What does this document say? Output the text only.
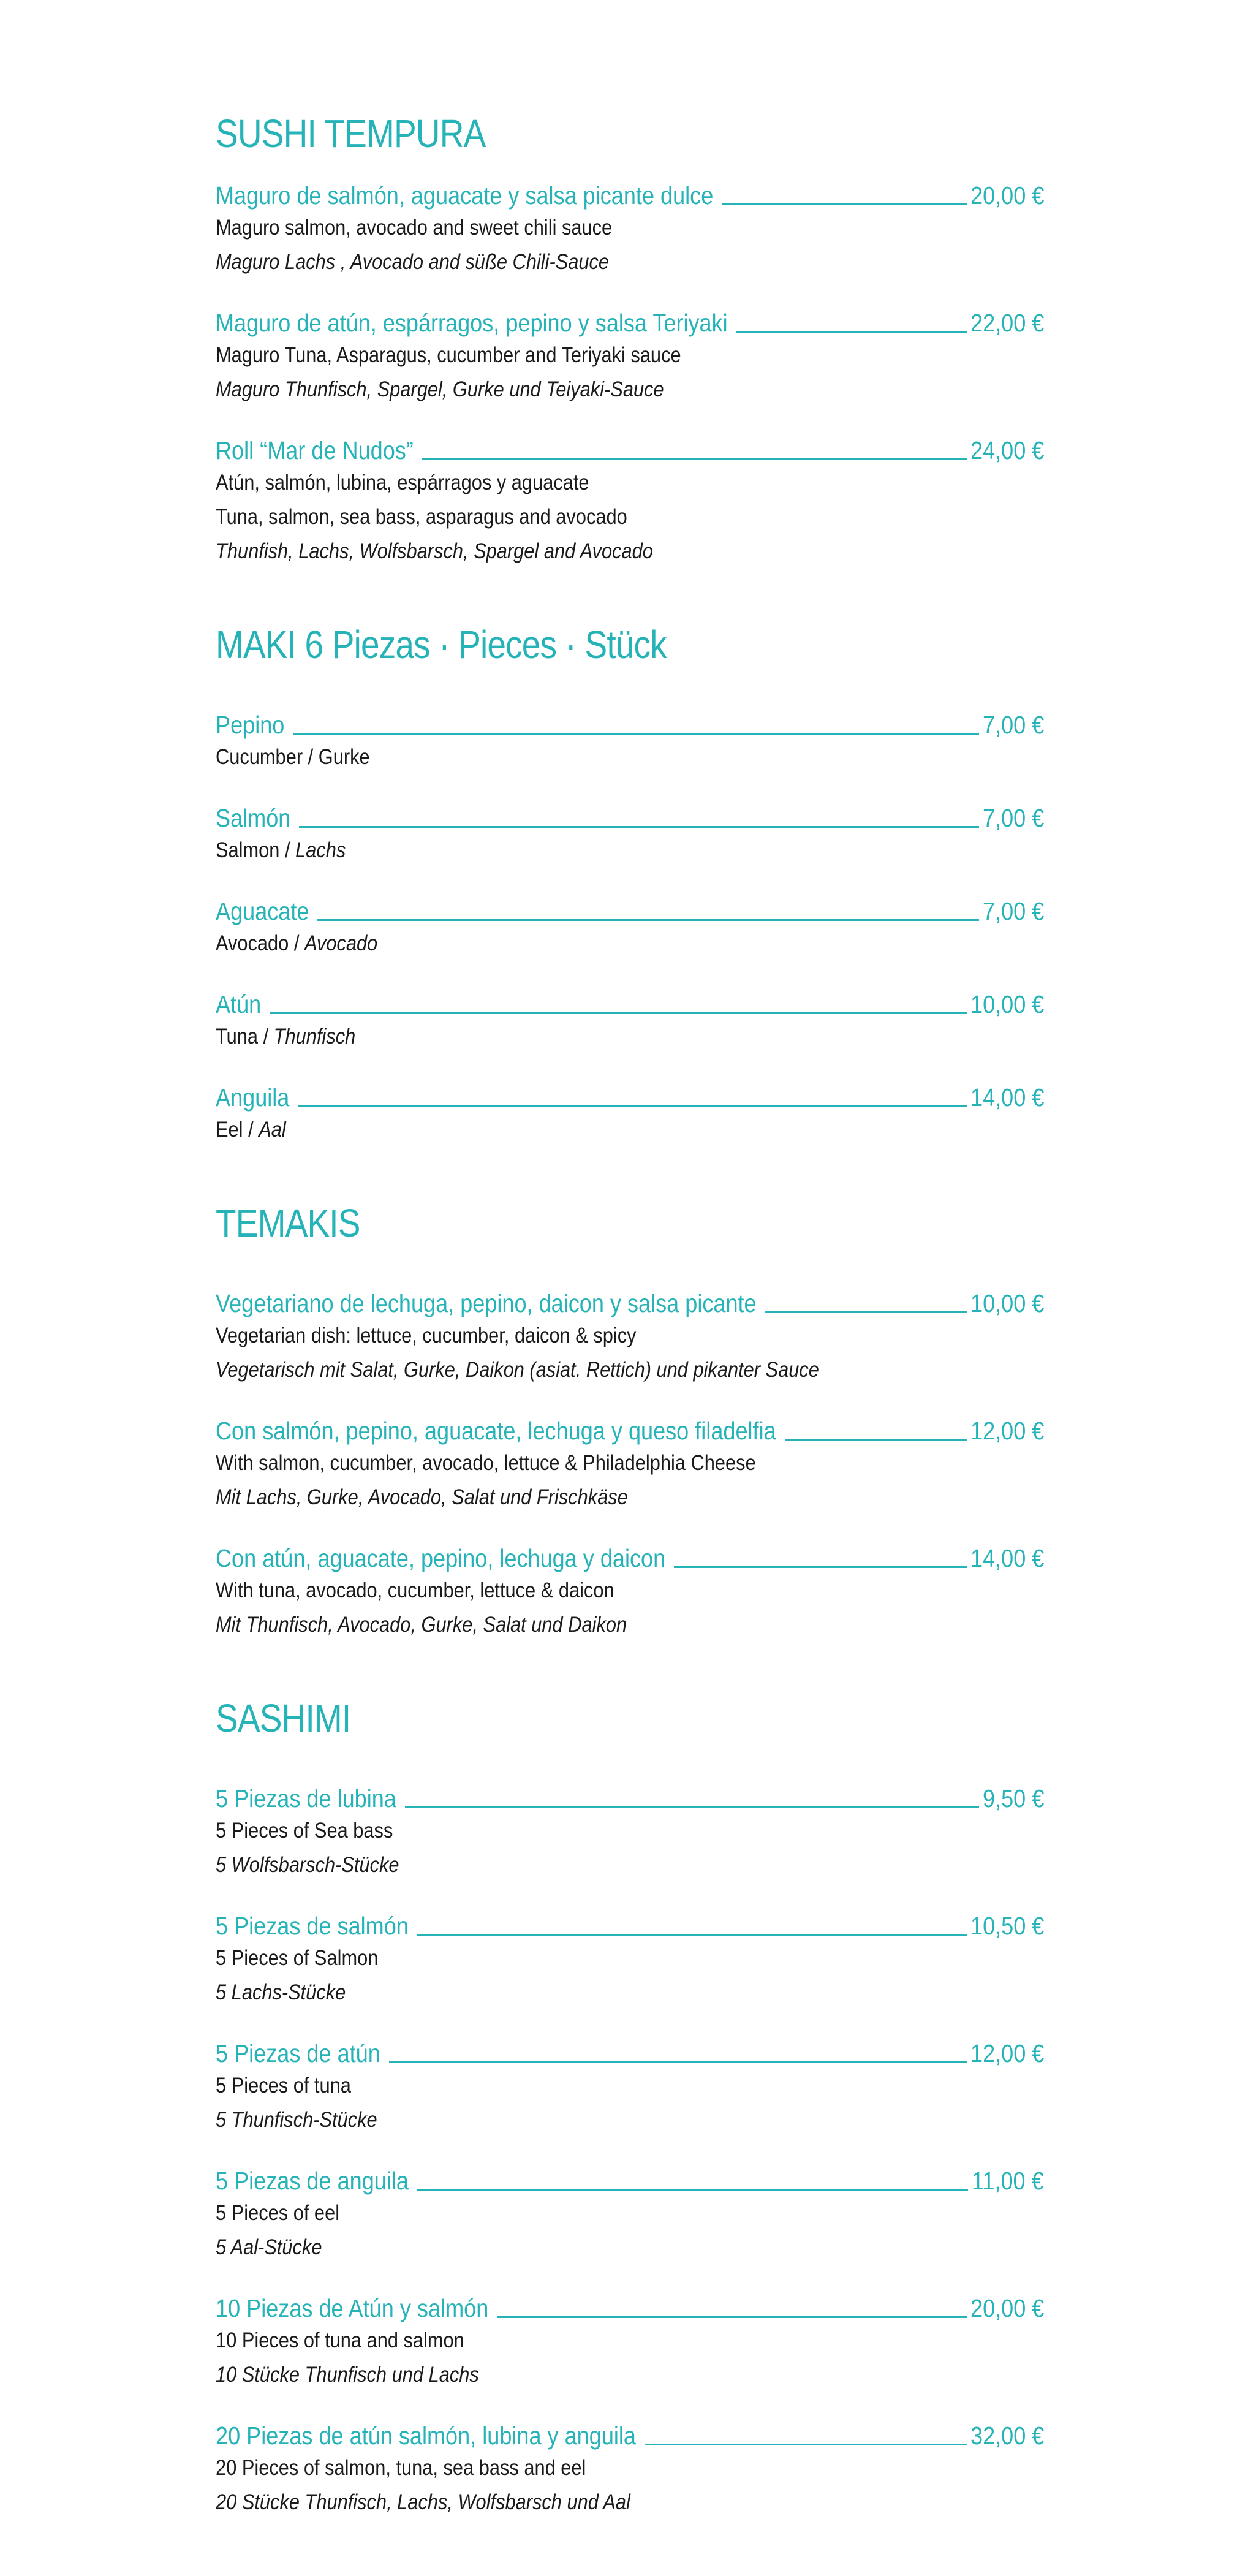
SUSHI TEMPURA
Maguro de salmón, aguacate y salsa picante dulce	20,00 €
Maguro salmon, avocado and sweet chili sauce
Maguro Lachs , Avocado and süße Chili-Sauce
Maguro de atún, espárragos, pepino y salsa Teriyaki	22,00 €
Maguro Tuna, Asparagus, cucumber and Teriyaki sauce
Maguro Thunfisch, Spargel, Gurke und Teiyaki-Sauce
Roll “Mar de Nudos”	24,00 €
Atún, salmón, lubina, espárragos y aguacate
Tuna, salmon, sea bass, asparagus and avocado
Thunfish, Lachs, Wolfsbarsch, Spargel and Avocado
MAKI 6 Piezas · Pieces · Stück
Pepino	7,00 €
Cucumber / Gurke
Salmón	7,00 €
Salmon / Lachs
Aguacate	7,00 €
Avocado / Avocado
Atún	10,00 €
Tuna / Thunfisch
Anguila	14,00 €
Eel / Aal
TEMAKIS
Vegetariano de lechuga, pepino, daicon y salsa picante	10,00 €
Vegetarian dish: lettuce, cucumber, daicon & spicy
Vegetarisch mit Salat, Gurke, Daikon (asiat. Rettich) und pikanter Sauce
Con salmón, pepino, aguacate, lechuga y queso filadelfia	12,00 €
With salmon, cucumber, avocado, lettuce & Philadelphia Cheese
Mit Lachs, Gurke, Avocado, Salat und Frischkäse
Con atún, aguacate, pepino, lechuga y daicon	14,00 €
With tuna, avocado, cucumber, lettuce & daicon
Mit Thunfisch, Avocado, Gurke, Salat und Daikon
SASHIMI
5 Piezas de lubina	9,50 €
5 Pieces of Sea bass
5 Wolfsbarsch-Stücke
5 Piezas de salmón	10,50 €
5 Pieces of Salmon
5 Lachs-Stücke
5 Piezas de atún	12,00 €
5 Pieces of tuna
5 Thunfisch-Stücke
5 Piezas de anguila	11,00 €
5 Pieces of eel
5 Aal-Stücke
10 Piezas de Atún y salmón	20,00 €
10 Pieces of tuna and salmon
10 Stücke Thunfisch und Lachs
20 Piezas de atún salmón, lubina y anguila	32,00 €
20 Pieces of salmon, tuna, sea bass and eel
20 Stücke Thunfisch, Lachs, Wolfsbarsch und Aal
